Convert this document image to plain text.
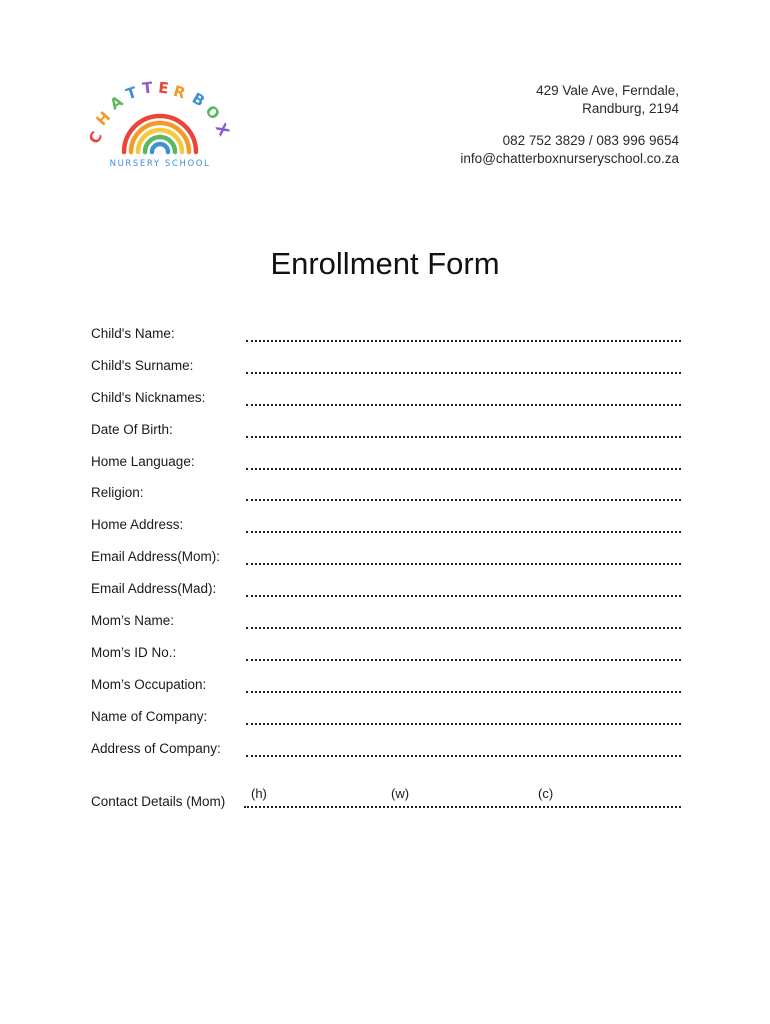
C
H
A
T T E R B
O
X
NURSERY SCHOOL
429 Vale Ave, Ferndale,
Randburg, 2194
082 752 3829 / 083 996 9654
info@chatterboxnurseryschool.co.za
Enrollment Form
Child's Name:
Child's Surname:
Child's Nicknames:
Date Of Birth:
Home Language:
Religion:
Home Address:
Email Address(Mom):
Email Address(Mad):
Mom’s Name:
Mom’s ID No.:
Mom’s Occupation:
Name of Company:
Address of Company:
Contact Details (Mom)
(h)	(w)	(c)
